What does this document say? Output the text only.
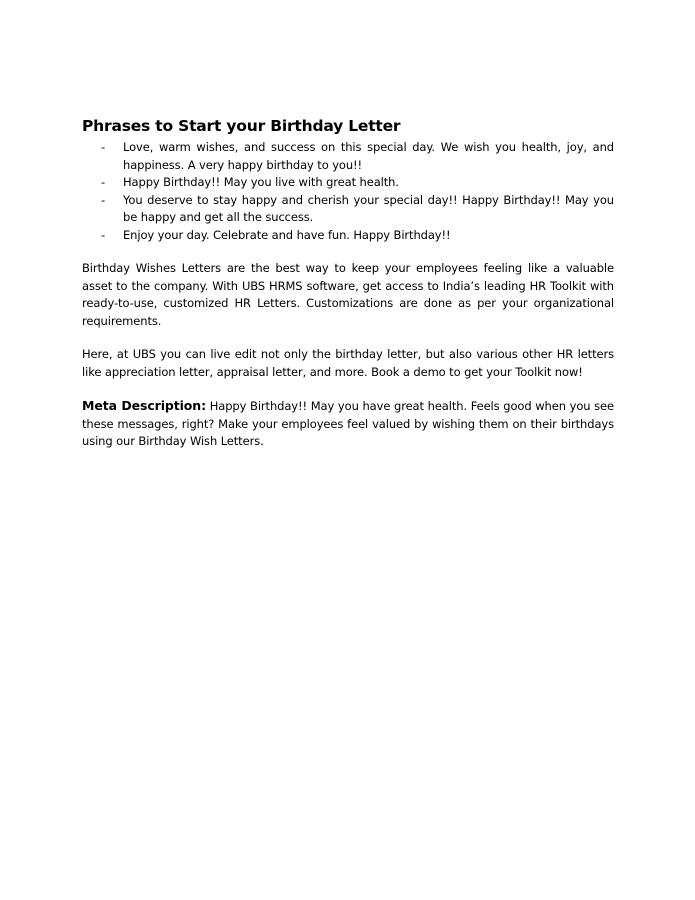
Phrases to Start your Birthday Letter
- Love, warm wishes, and success on this special day. We wish you health, joy, and happiness. A very happy birthday to you!!
- Happy Birthday!! May you live with great health.
- You deserve to stay happy and cherish your special day!! Happy Birthday!! May you be happy and get all the success.
- Enjoy your day. Celebrate and have fun. Happy Birthday!!

Birthday Wishes Letters are the best way to keep your employees feeling like a valuable asset to the company. With UBS HRMS software, get access to India’s leading HR Toolkit with ready-to-use, customized HR Letters. Customizations are done as per your organizational requirements.

Here, at UBS you can live edit not only the birthday letter, but also various other HR letters like appreciation letter, appraisal letter, and more. Book a demo to get your Toolkit now!

Meta Description: Happy Birthday!! May you have great health. Feels good when you see these messages, right? Make your employees feel valued by wishing them on their birthdays using our Birthday Wish Letters.
